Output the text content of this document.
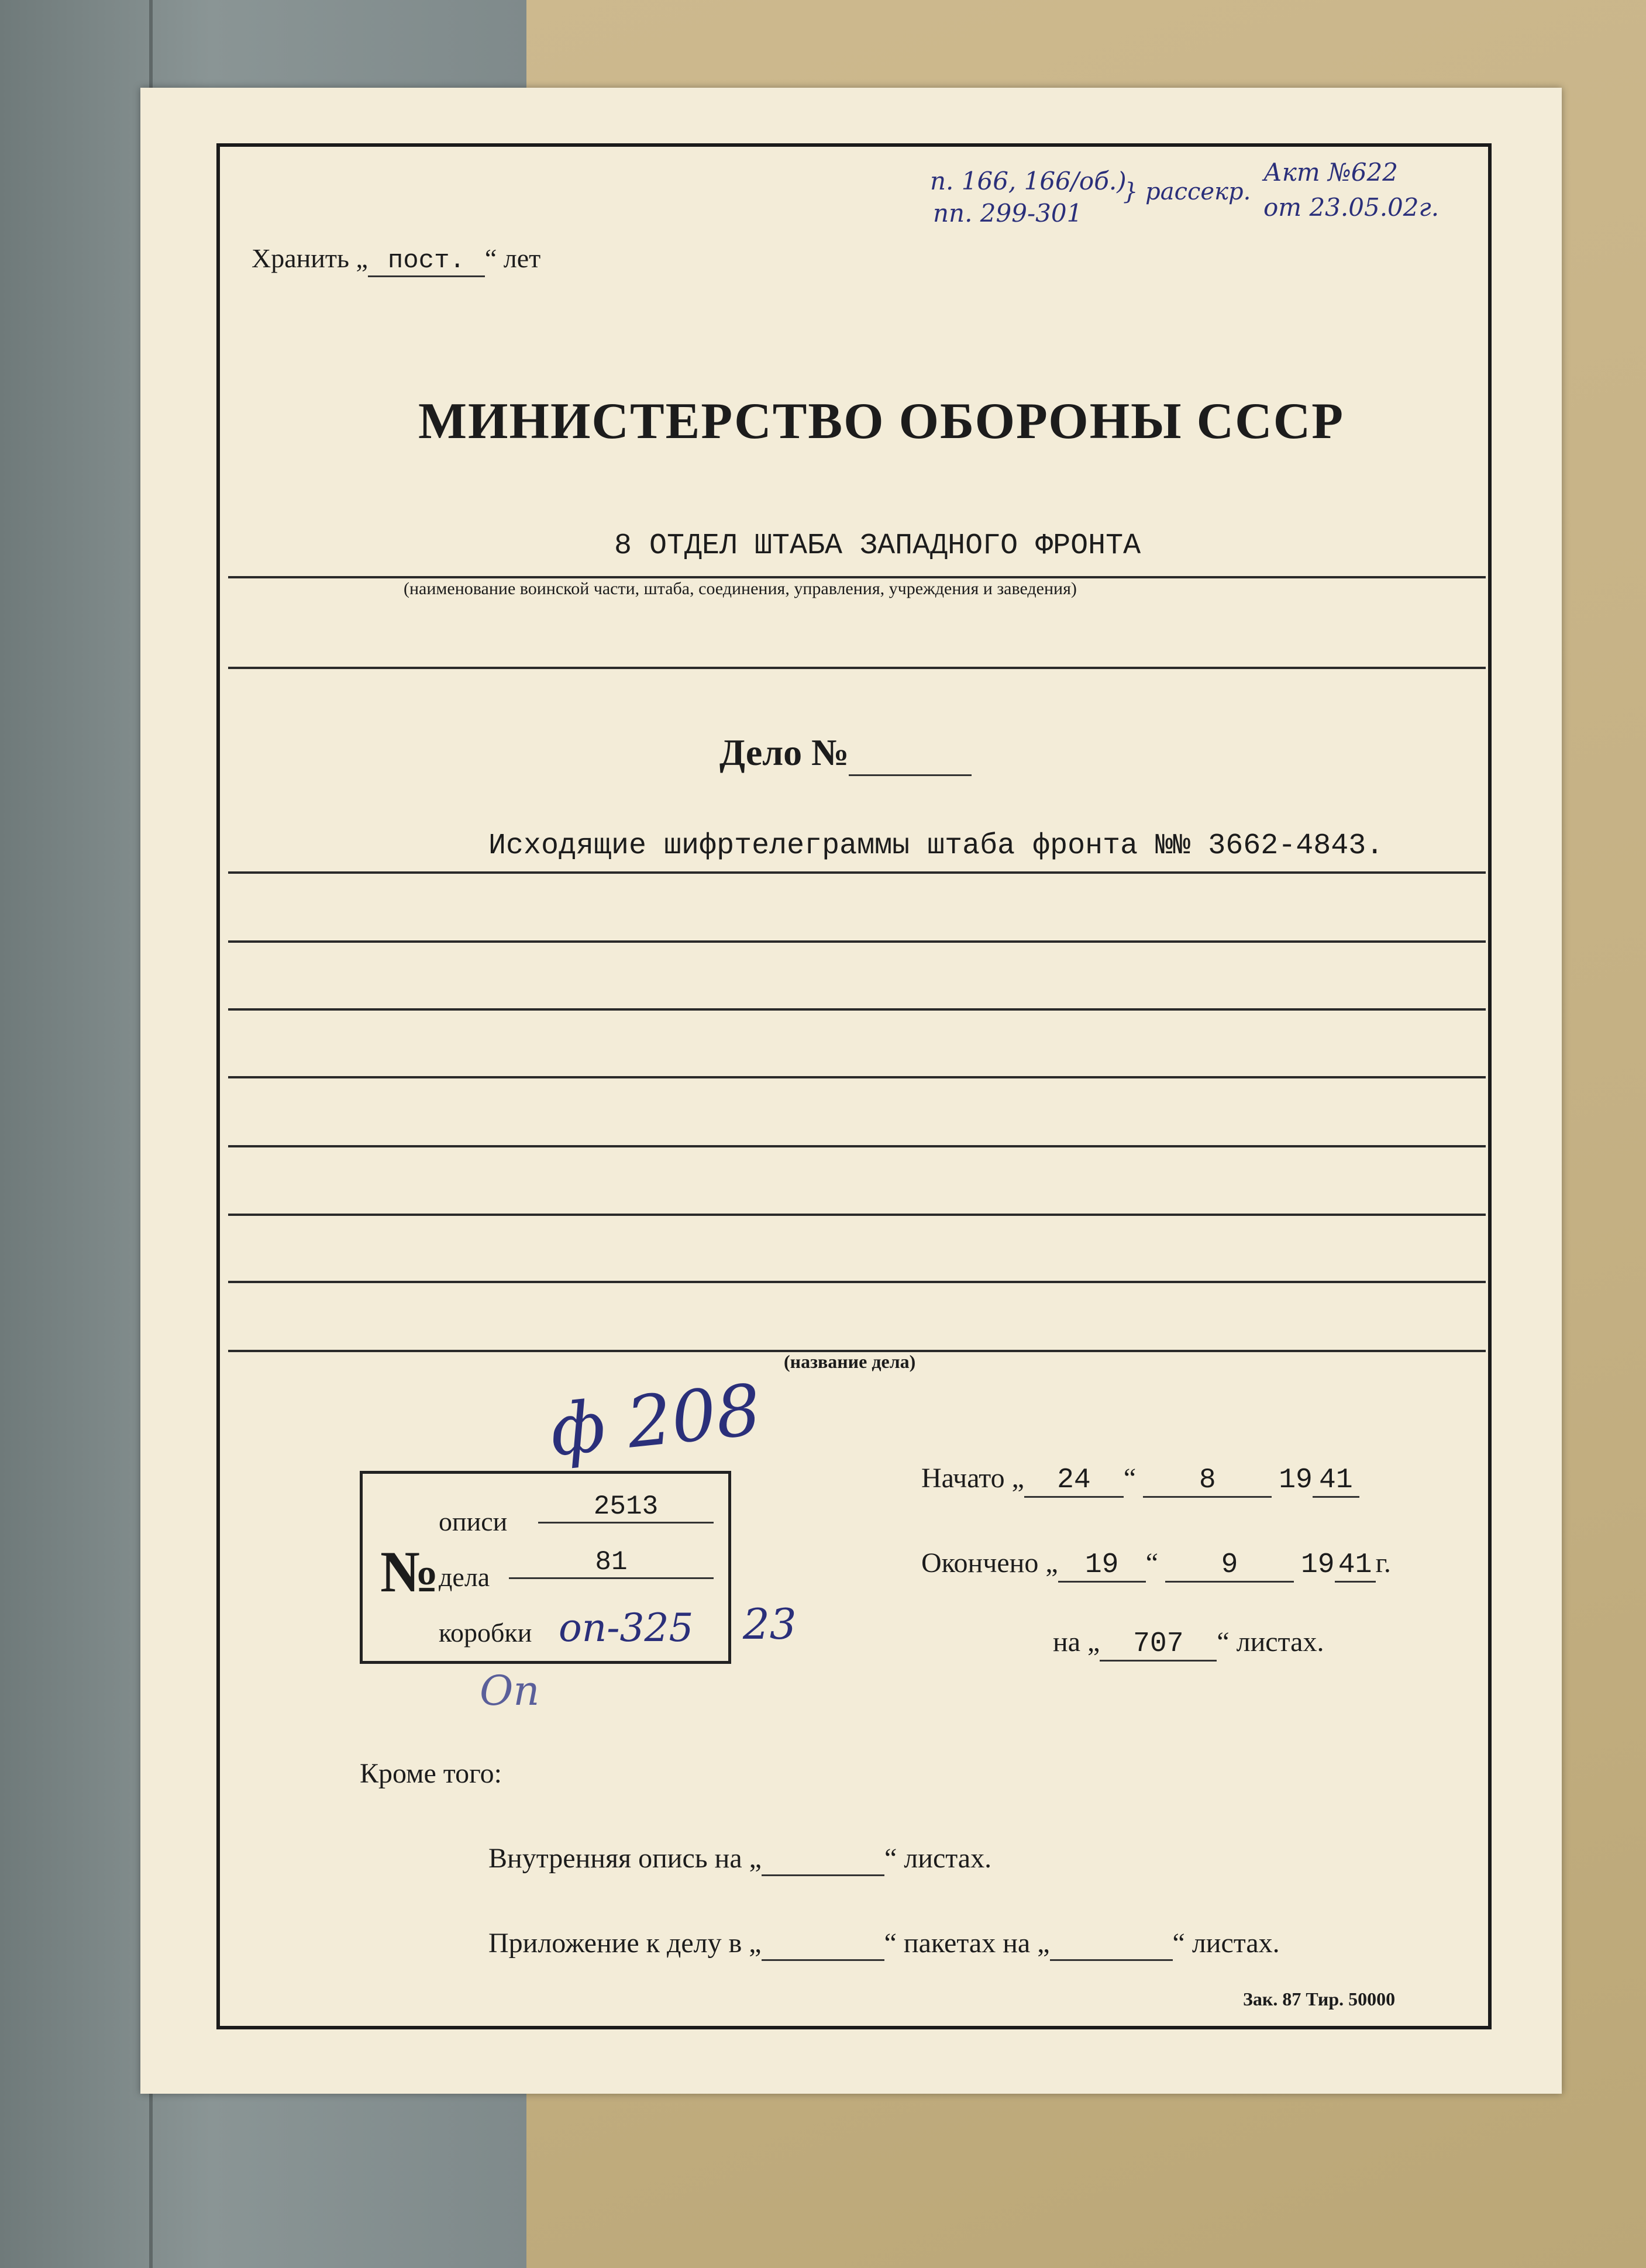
Хранить „ пост. “ лет
п. 166, 166/об.)
пп. 299-301
} рассекр.
Акт №622
от 23.05.02г.
МИНИСТЕРСТВО ОБОРОНЫ СССР
8 ОТДЕЛ ШТАБА ЗАПАДНОГО ФРОНТА
(наименование воинской части, штаба, соединения, управления, учреждения и заведения)
Дело №
Исходящие шифртелеграммы штаба фронта №№ 3662-4843.
(название дела)
ф 208
№
описи	2513
дела	81
коробки оп-325 23
Оп
Начато „ 24 “ 8 19 41
Окончено „ 19 “ 9 19 41 г.
на „ 707 “ листах.
Кроме того:
Внутренняя опись на „	“ листах.
Приложение к делу в „	“ пакетах на „	“ листах.
Зак. 87 Тир. 50000
